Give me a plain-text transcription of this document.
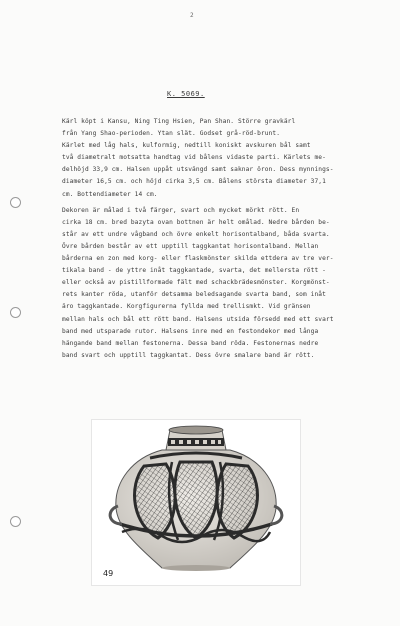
2
K. 5069.
Kärl köpt i Kansu, Ning Ting Hsien, Pan Shan. Större gravkärl
från Yang Shao-perioden. Ytan slät. Godset grå-röd-brunt.
Kärlet med låg hals, kulformig, nedtill koniskt avskuren bål samt
två diametralt motsatta handtag vid bålens vidaste parti. Kärlets me-
delhöjd 33,9 cm. Halsen uppåt utsvängd samt saknar öron. Dess mynnings-
diameter 16,5 cm. och höjd cirka 3,5 cm. Bålens största diameter 37,1
cm. Bottendiameter 14 cm.
Dekoren är målad i två färger, svart och mycket mörkt rött. En
cirka 18 cm. bred bazyta ovan bottnen är helt omålad. Nedre bården be-
står av ett undre vågband och övre enkelt horisontalband, båda svarta.
Övre bården består av ett upptill taggkantat horisontalband. Mellan
bårderna en zon med korg- eller flaskmönster skilda ettdera av tre ver-
tikala band - de yttre inåt taggkantade, svarta, det mellersta rött -
eller också av pistillformade fält med schackbrädesmönster. Korgmönst-
rets kanter röda, utanför detsamma beledsagande svarta band, som inåt
äro taggkantade. Korgfigurerna fyllda med trellismkt. Vid gränsen
mellan hals och bål ett rött band. Halsens utsida försedd med ett svart
band med utsparade rutor. Halsens inre med en festondekor med långa
hängande band mellan festonerna. Dessa band röda. Festonernas nedre
band svart och upptill taggkantat. Dess övre smalare band är rött.
49
